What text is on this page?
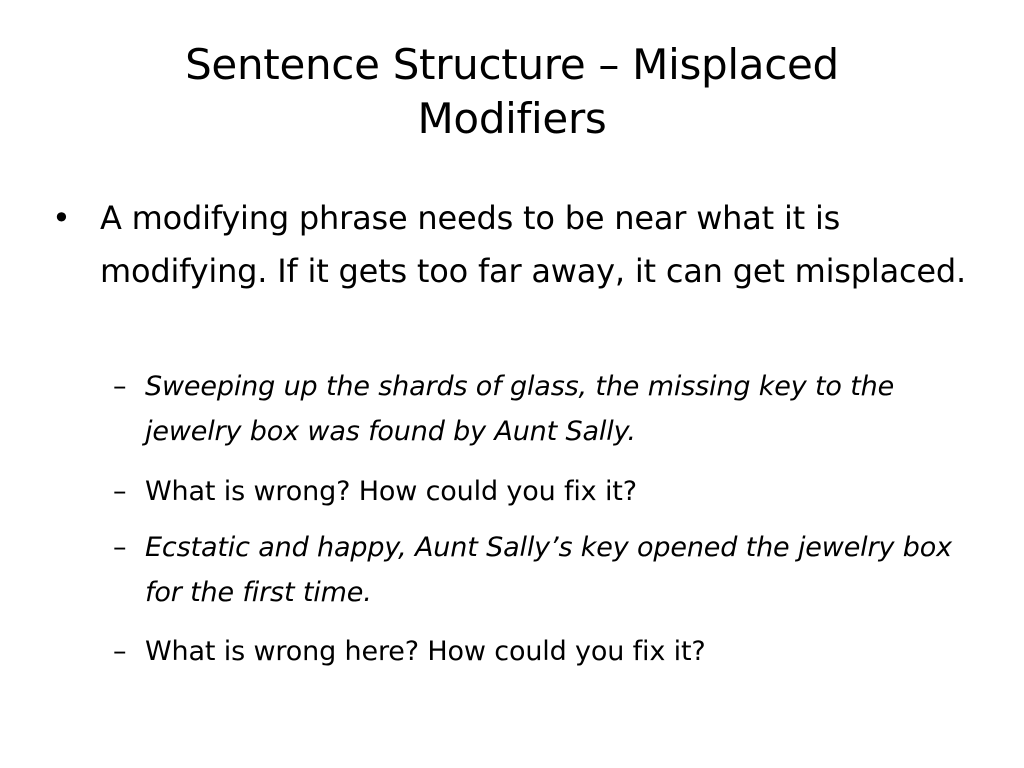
Sentence Structure – Misplaced Modifiers
• A modifying phrase needs to be near what it is modifying. If it gets too far away, it can get misplaced.
– Sweeping up the shards of glass, the missing key to the jewelry box was found by Aunt Sally.
– What is wrong? How could you fix it?
– Ecstatic and happy, Aunt Sally’s key opened the jewelry box for the first time.
– What is wrong here? How could you fix it?
